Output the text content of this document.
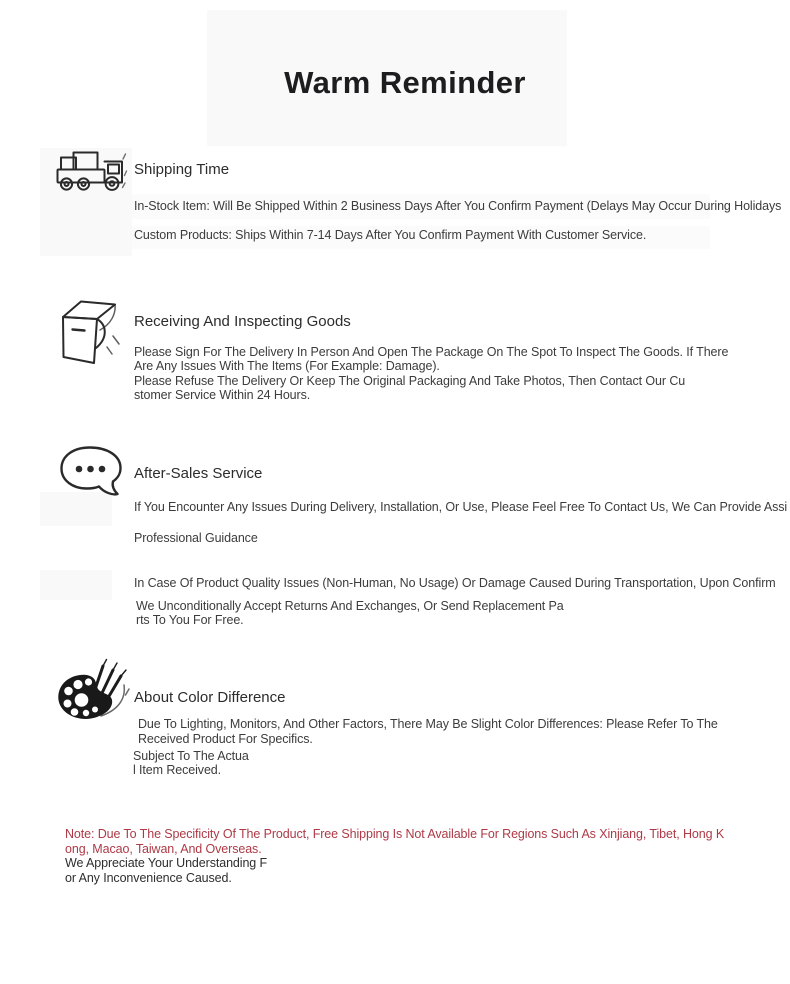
Warm Reminder
Shipping Time

In-Stock Item: Will Be Shipped Within 2 Business Days After You Confirm Payment (Delays May Occur During Holidays

Custom Products: Ships Within 7-14 Days After You Confirm Payment With Customer Service.

Receiving And Inspecting Goods
Please Sign For The Delivery In Person And Open The Package On The Spot To Inspect The Goods. If There
Are Any Issues With The Items (For Example: Damage).
Please Refuse The Delivery Or Keep The Original Packaging And Take Photos, Then Contact Our Cu
stomer Service Within 24 Hours.
After-Sales Service

If You Encounter Any Issues During Delivery, Installation, Or Use, Please Feel Free To Contact Us, We Can Provide Assi

Professional Guidance

In Case Of Product Quality Issues (Non-Human, No Usage) Or Damage Caused During Transportation, Upon Confirm

We Unconditionally Accept Returns And Exchanges, Or Send Replacement Pa
rts To You For Free.
About Color Difference
Due To Lighting, Monitors, And Other Factors, There May Be Slight Color Differences: Please Refer To The
Received Product For Specifics.
Subject To The Actua
l Item Received.
Note: Due To The Specificity Of The Product, Free Shipping Is Not Available For Regions Such As Xinjiang, Tibet, Hong K
ong, Macao, Taiwan, And Overseas.
We Appreciate Your Understanding F
or Any Inconvenience Caused.
